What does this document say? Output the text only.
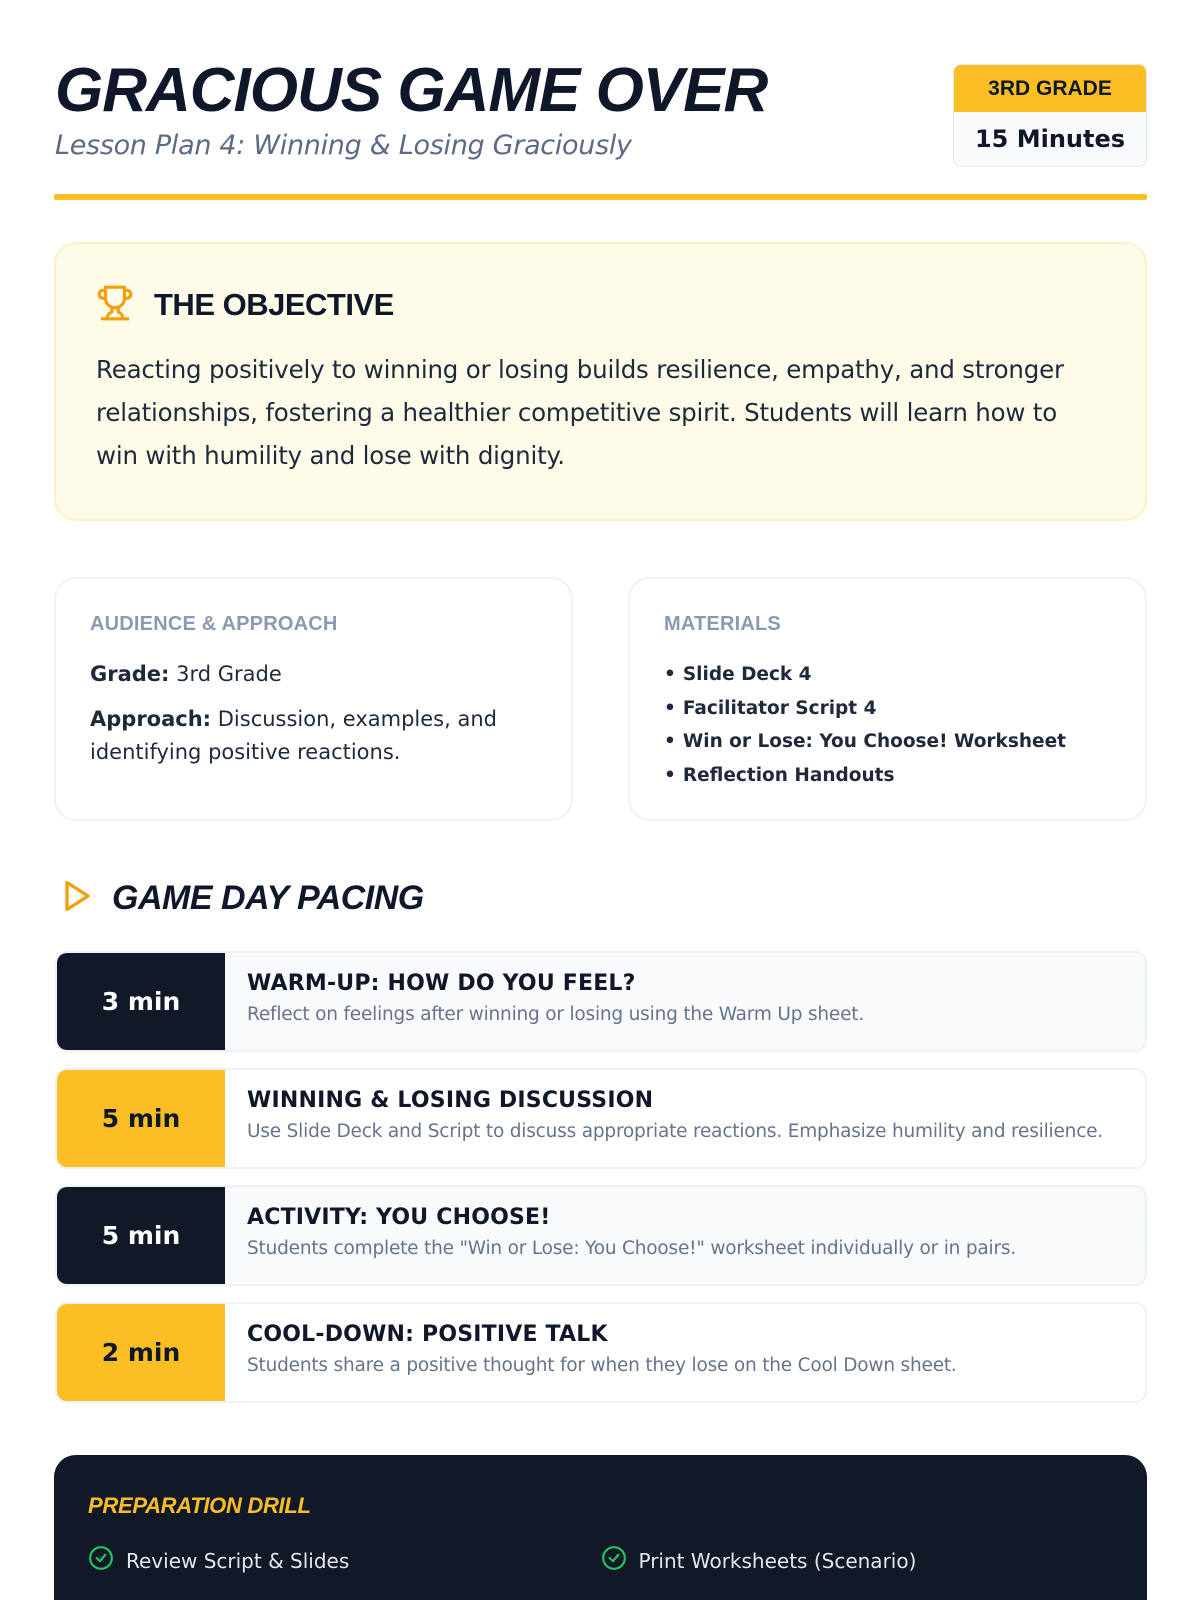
GRACIOUS GAME OVER
Lesson Plan 4: Winning & Losing Graciously
3RD GRADE
15 Minutes
THE OBJECTIVE

Reacting positively to winning or losing builds resilience, empathy, and stronger relationships, fostering a healthier competitive spirit. Students will learn how to win with humility and lose with dignity.

AUDIENCE & APPROACH

Grade: 3rd Grade

Approach: Discussion, examples, and identifying positive reactions.

MATERIALS
• Slide Deck 4
• Facilitator Script 4
• Win or Lose: You Choose! Worksheet
• Reflection Handouts
GAME DAY PACING
3 min
WARM-UP: HOW DO YOU FEEL?
Reflect on feelings after winning or losing using the Warm Up sheet.
5 min
WINNING & LOSING DISCUSSION
Use Slide Deck and Script to discuss appropriate reactions. Emphasize humility and resilience.
5 min
ACTIVITY: YOU CHOOSE!
Students complete the "Win or Lose: You Choose!" worksheet individually or in pairs.
2 min
COOL-DOWN: POSITIVE TALK
Students share a positive thought for when they lose on the Cool Down sheet.
PREPARATION DRILL
Review Script & Slides	Print Worksheets (Scenario)
